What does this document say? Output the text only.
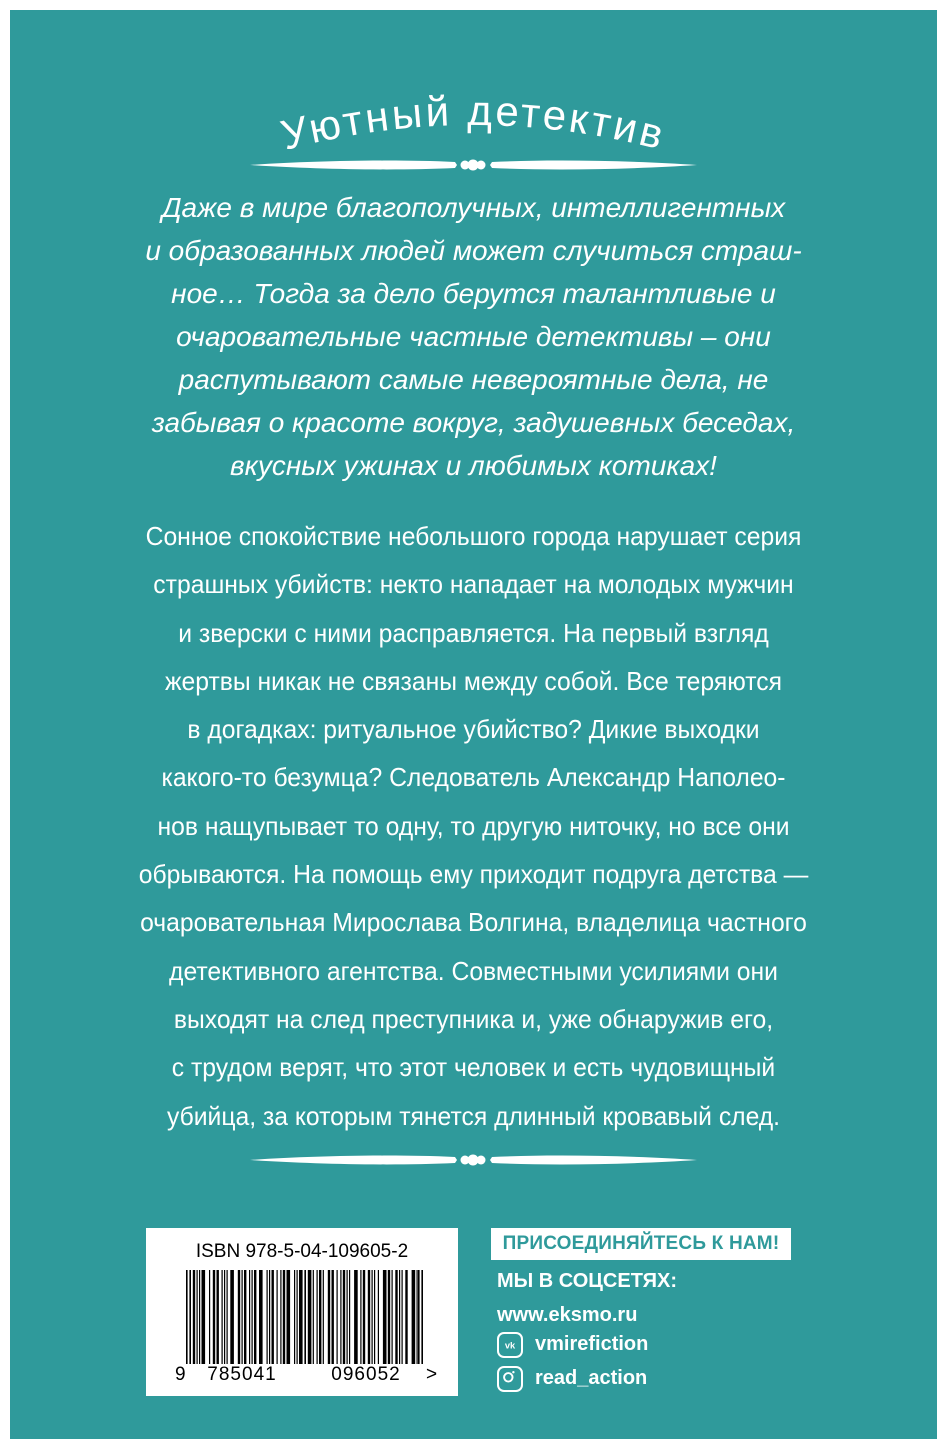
Уютный детектив

Даже в мире благополучных, интеллигентных
и образованных людей может случиться страш-
ное… Тогда за дело берутся талантливые и
очаровательные частные детективы – они
распутывают самые невероятные дела, не
забывая о красоте вокруг, задушевных беседах,
вкусных ужинах и любимых котиках!

Сонное спокойствие небольшого города нарушает серия
страшных убийств: некто нападает на молодых мужчин
и зверски с ними расправляется. На первый взгляд
жертвы никак не связаны между собой. Все теряются
в догадках: ритуальное убийство? Дикие выходки
какого-то безумца? Следователь Александр Наполео-
нов нащупывает то одну, то другую ниточку, но все они
обрываются. На помощь ему приходит подруга детства —
очаровательная Мирослава Волгина, владелица частного
детективного агентства. Совместными усилиями они
выходят на след преступника и, уже обнаружив его,
с трудом верят, что этот человек и есть чудовищный
убийца, за которым тянется длинный кровавый след.

ISBN 978-5-04-109605-2
9 785041	096052 >
ПРИСОЕДИНЯЙТЕСЬ К НАМ!
МЫ В СОЦСЕТЯХ:
www.eksmo.ru
vk vmirefiction
read_action
